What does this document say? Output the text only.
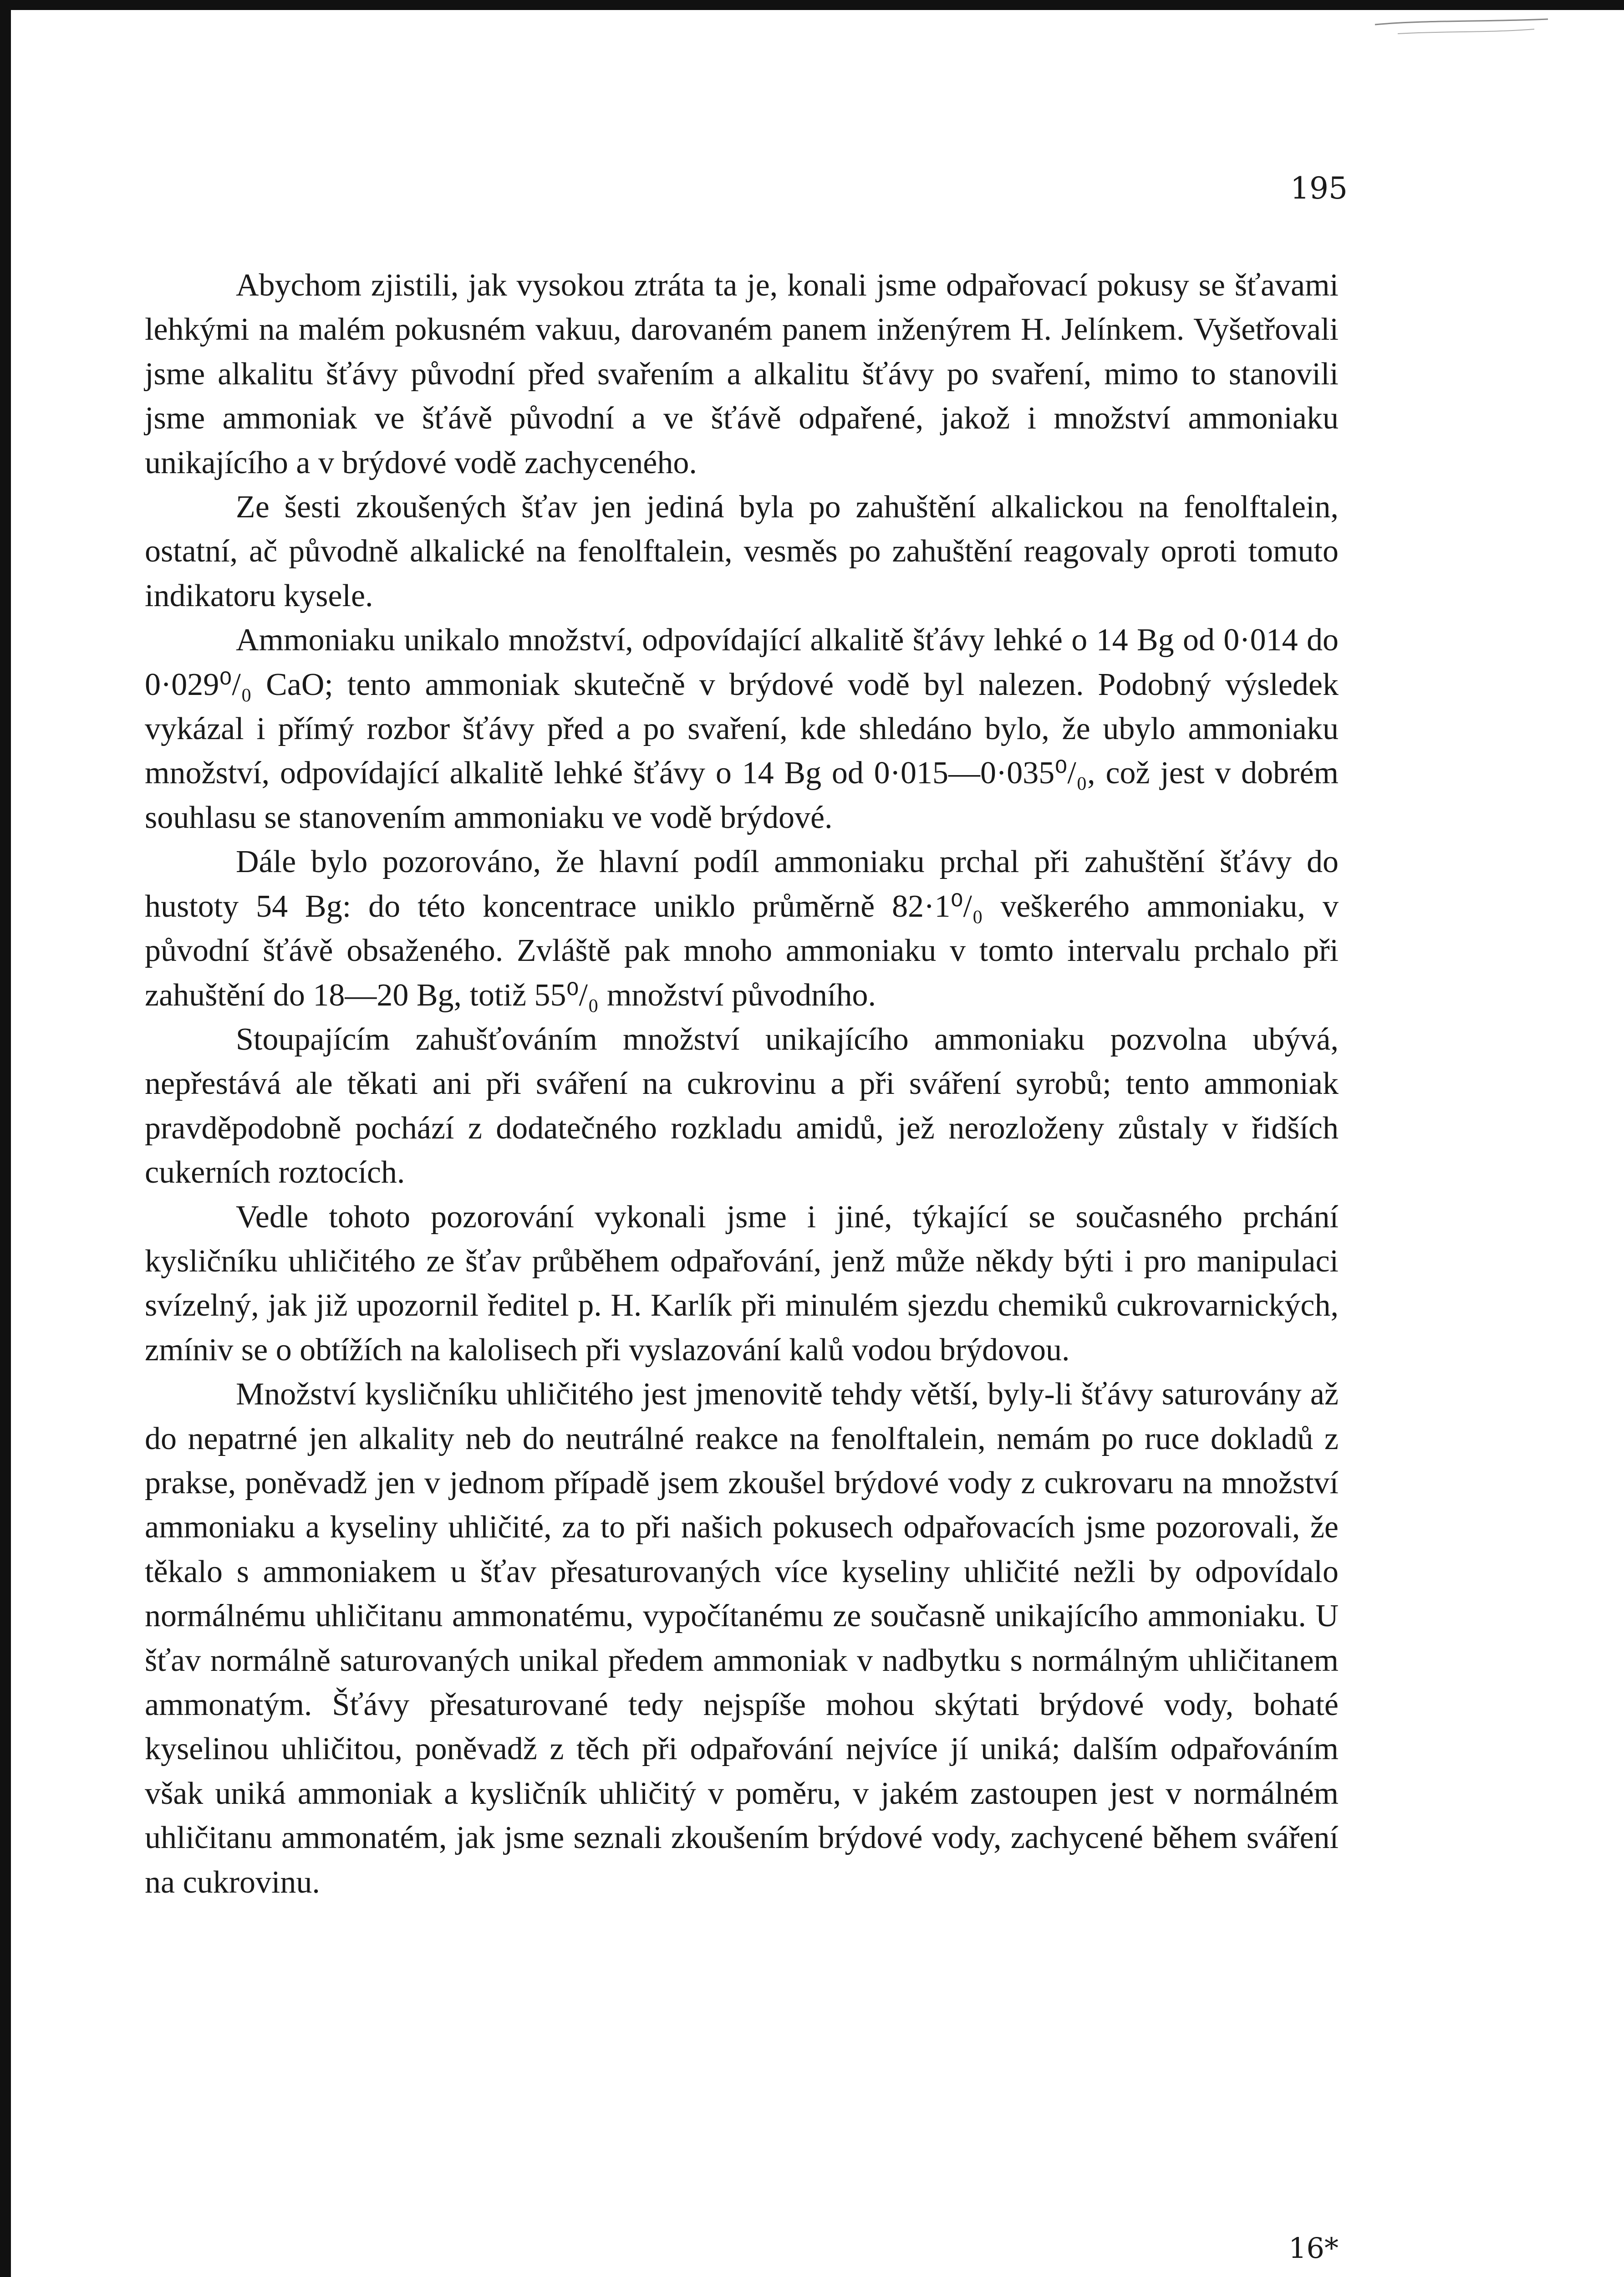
195

Abychom zjistili, jak vysokou ztráta ta je, konali jsme odpařovací pokusy se šťavami lehkými na malém pokusném vakuu, darovaném panem inženýrem H. Jelínkem. Vyšetřovali jsme alkalitu šťávy původní před svařením a alkalitu šťávy po svaření, mimo to stanovili jsme ammoniak ve šťávě původní a ve šťávě odpařené, jakož i množství ammoniaku unikajícího a v brýdové vodě zachyceného.

Ze šesti zkoušených šťav jen jediná byla po zahuštění alkalickou na fenolftalein, ostatní, ač původně alkalické na fenolftalein, vesměs po zahuštění reagovaly oproti tomuto indikatoru kysele.

Ammoniaku unikalo množství, odpovídající alkalitě šťávy lehké o 14 Bg od 0·014 do 0·029⁰/₀ CaO; tento ammoniak skutečně v brýdové vodě byl nalezen. Podobný výsledek vykázal i přímý rozbor šťávy před a po svaření, kde shledáno bylo, že ubylo ammoniaku množství, odpovídající alkalitě lehké šťávy o 14 Bg od 0·015—0·035⁰/₀, což jest v dobrém souhlasu se stanovením ammoniaku ve vodě brýdové.

Dále bylo pozorováno, že hlavní podíl ammoniaku prchal při zahuštění šťávy do hustoty 54 Bg: do této koncentrace uniklo průměrně 82·1⁰/₀ veškerého ammoniaku, v původní šťávě obsaženého. Zvláště pak mnoho ammoniaku v tomto intervalu prchalo při zahuštění do 18—20 Bg, totiž 55⁰/₀ množství původního.

Stoupajícím zahušťováním množství unikajícího ammoniaku pozvolna ubývá, nepřestává ale těkati ani při sváření na cukrovinu a při sváření syrobů; tento ammoniak pravděpodobně pochází z dodatečného rozkladu amidů, jež nerozloženy zůstaly v řidších cukerních roztocích.

Vedle tohoto pozorování vykonali jsme i jiné, týkající se současného prchání kysličníku uhličitého ze šťav průběhem odpařování, jenž může někdy býti i pro manipulaci svízelný, jak již upozornil ředitel p. H. Karlík při minulém sjezdu chemiků cukrovarnických, zmíniv se o obtížích na kalolisech při vyslazování kalů vodou brýdovou.

Množství kysličníku uhličitého jest jmenovitě tehdy větší, byly-li šťávy saturovány až do nepatrné jen alkality neb do neutrálné reakce na fenolftalein, nemám po ruce dokladů z prakse, poněvadž jen v jednom případě jsem zkoušel brýdové vody z cukrovaru na množství ammoniaku a kyseliny uhličité, za to při našich pokusech odpařovacích jsme pozorovali, že těkalo s ammoniakem u šťav přesaturovaných více kyseliny uhličité nežli by odpovídalo normálnému uhličitanu ammonatému, vypočítanému ze současně unikajícího ammoniaku. U šťav normálně saturovaných unikal předem ammoniak v nadbytku s normálným uhličitanem ammonatým. Šťávy přesaturované tedy nejspíše mohou skýtati brýdové vody, bohaté kyselinou uhličitou, poněvadž z těch při odpařování nejvíce jí uniká; dalším odpařováním však uniká ammoniak a kysličník uhličitý v poměru, v jakém zastoupen jest v normálném uhličitanu ammonatém, jak jsme seznali zkoušením brýdové vody, zachycené během sváření na cukrovinu.

16*
